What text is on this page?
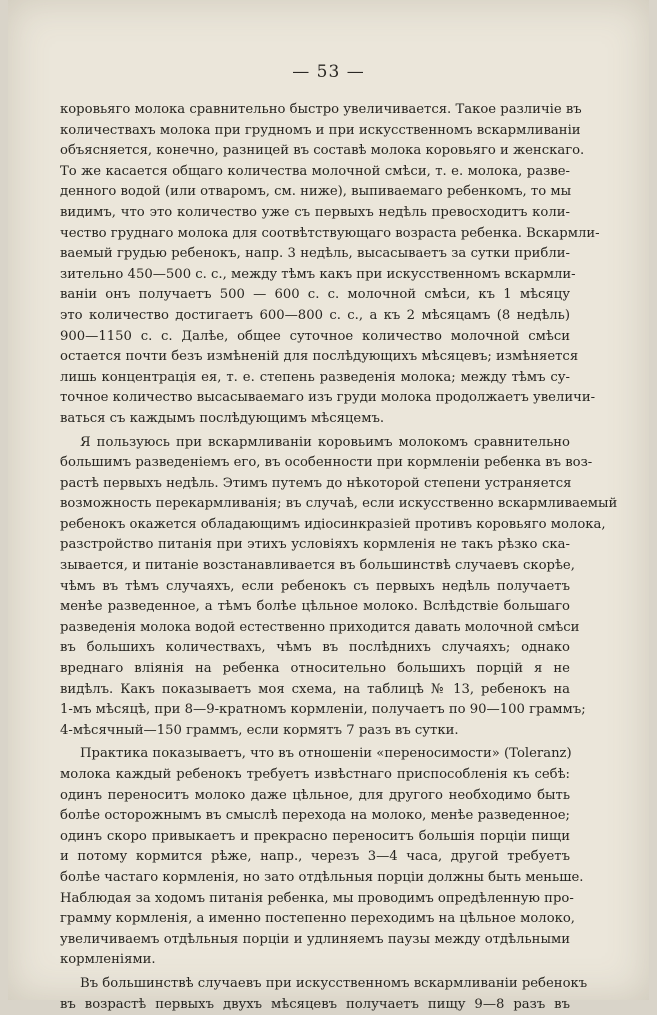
— 53 —

коровьяго молока сравнительно быстро увеличивается. Такое различiе въ
количествахъ молока при грудномъ и при искусственномъ вскармливанiи
объясняется, конечно, разницей въ составѣ молока коровьяго и женскаго.
То же касается общаго количества молочной смѣси, т. е. молока, разве-
денного водой (или отваромъ, см. ниже), выпиваемаго ребенкомъ, то мы
видимъ, что это количество уже съ первыхъ недѣль превосходитъ коли-
чество груднаго молока для соотвѣтствующаго возраста ребенка. Вскармли-
ваемый грудью ребенокъ, напр. 3 недѣль, высасываетъ за сутки прибли-
зительно 450—500 с. с., между тѣмъ какъ при искусственномъ вскармли-
ванiи онъ получаетъ 500 — 600 с. с. молочной смѣси, къ 1 мѣсяцу
это количество достигаетъ 600—800 с. с., а къ 2 мѣсяцамъ (8 недѣль)
900—1150 с. с. Далѣе, общее суточное количество молочной смѣси
остается почти безъ измѣненiй для послѣдующихъ мѣсяцевъ; измѣняется
лишь концентрацiя ея, т. е. степень разведенiя молока; между тѣмъ су-
точное количество высасываемаго изъ груди молока продолжаетъ увеличи-
ваться съ каждымъ послѣдующимъ мѣсяцемъ.

Я пользуюсь при вскармливанiи коровьимъ молокомъ сравнительно
большимъ разведенiемъ его, въ особенности при кормленiи ребенка въ воз-
растѣ первыхъ недѣль. Этимъ путемъ до нѣкоторой степени устраняется
возможность перекармливанiя; въ случаѣ, если искусственно вскармливаемый
ребенокъ окажется обладающимъ идiосинкразiей противъ коровьяго молока,
разстройство питанiя при этихъ условiяхъ кормленiя не такъ рѣзко ска-
зывается, и питанiе возстанавливается въ большинствѣ случаевъ скорѣе,
чѣмъ въ тѣмъ случаяхъ, если ребенокъ съ первыхъ недѣль получаетъ
менѣе разведенное, а тѣмъ болѣе цѣльное молоко. Вслѣдствiе большаго
разведенiя молока водой естественно приходится давать молочной смѣси
въ большихъ количествахъ, чѣмъ въ послѣднихъ случаяхъ; однако
вреднаго влiянiя на ребенка относительно большихъ порцiй я не
видѣлъ. Какъ показываетъ моя схема, на таблицѣ № 13, ребенокъ на
1-мъ мѣсяцѣ, при 8—9-кратномъ кормленiи, получаетъ по 90—100 граммъ;
4-мѣсячный—150 граммъ, если кормятъ 7 разъ въ сутки.

Практика показываетъ, что въ отношенiи «переносимости» (Toleranz)
молока каждый ребенокъ требуетъ извѣстнаго приспособленiя къ себѣ:
одинъ переноситъ молоко даже цѣльное, для другого необходимо быть
болѣе осторожнымъ въ смыслѣ перехода на молоко, менѣе разведенное;
одинъ скоро привыкаетъ и прекрасно переноситъ большiя порцiи пищи
и потому кормится рѣже, напр., черезъ 3—4 часа, другой требуетъ
болѣе частаго кормленiя, но зато отдѣльныя порцiи должны быть меньше.
Наблюдая за ходомъ питанiя ребенка, мы проводимъ опредѣленную про-
грамму кормленiя, а именно постепенно переходимъ на цѣльное молоко,
увеличиваемъ отдѣльныя порцiи и удлиняемъ паузы между отдѣльными
кормленiями.

Въ большинствѣ случаевъ при искусственномъ вскармливанiи ребенокъ
въ возрастѣ первыхъ двухъ мѣсяцевъ получаетъ пищу 9—8 разъ въ
